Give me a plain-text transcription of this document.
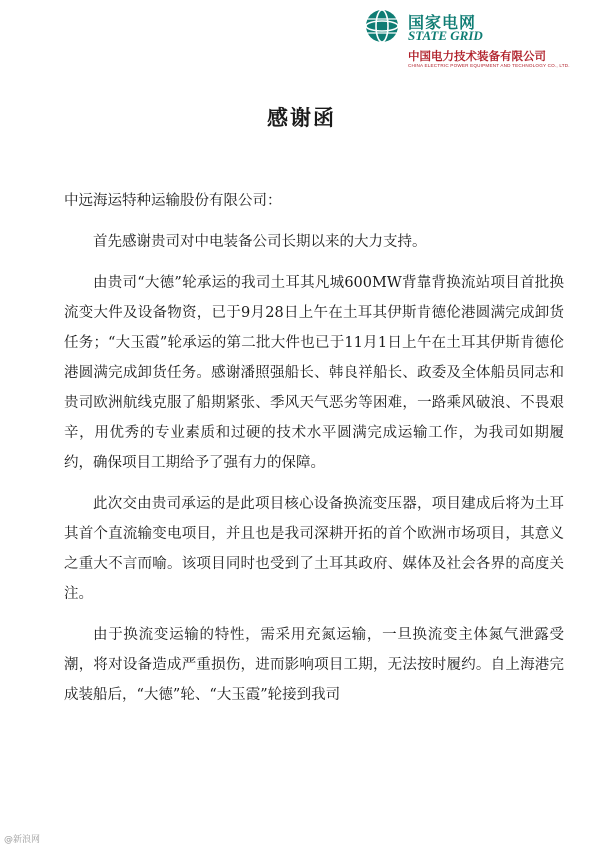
国家电网
STATE GRID
中国电力技术装备有限公司
CHINA ELECTRIC POWER EQUIPMENT AND TECHNOLOGY CO., LTD.
感谢函

中远海运特种运输股份有限公司：

首先感谢贵司对中电装备公司长期以来的大力支持。

由贵司“大德”轮承运的我司土耳其凡城600MW背靠背换流站项目首批换流变大件及设备物资，已于9月28日上午在土耳其伊斯肯德伦港圆满完成卸货任务；“大玉霞”轮承运的第二批大件也已于11月1日上午在土耳其伊斯肯德伦港圆满完成卸货任务。感谢潘照强船长、韩良祥船长、政委及全体船员同志和贵司欧洲航线克服了船期紧张、季风天气恶劣等困难，一路乘风破浪、不畏艰辛，用优秀的专业素质和过硬的技术水平圆满完成运输工作，为我司如期履约，确保项目工期给予了强有力的保障。

此次交由贵司承运的是此项目核心设备换流变压器，项目建成后将为土耳其首个直流输变电项目，并且也是我司深耕开拓的首个欧洲市场项目，其意义之重大不言而喻。该项目同时也受到了土耳其政府、媒体及社会各界的高度关注。

由于换流变运输的特性，需采用充氮运输，一旦换流变主体氮气泄露受潮，将对设备造成严重损伤，进而影响项目工期，无法按时履约。自上海港完成装船后，“大德”轮、“大玉霞”轮接到我司

@新浪网
